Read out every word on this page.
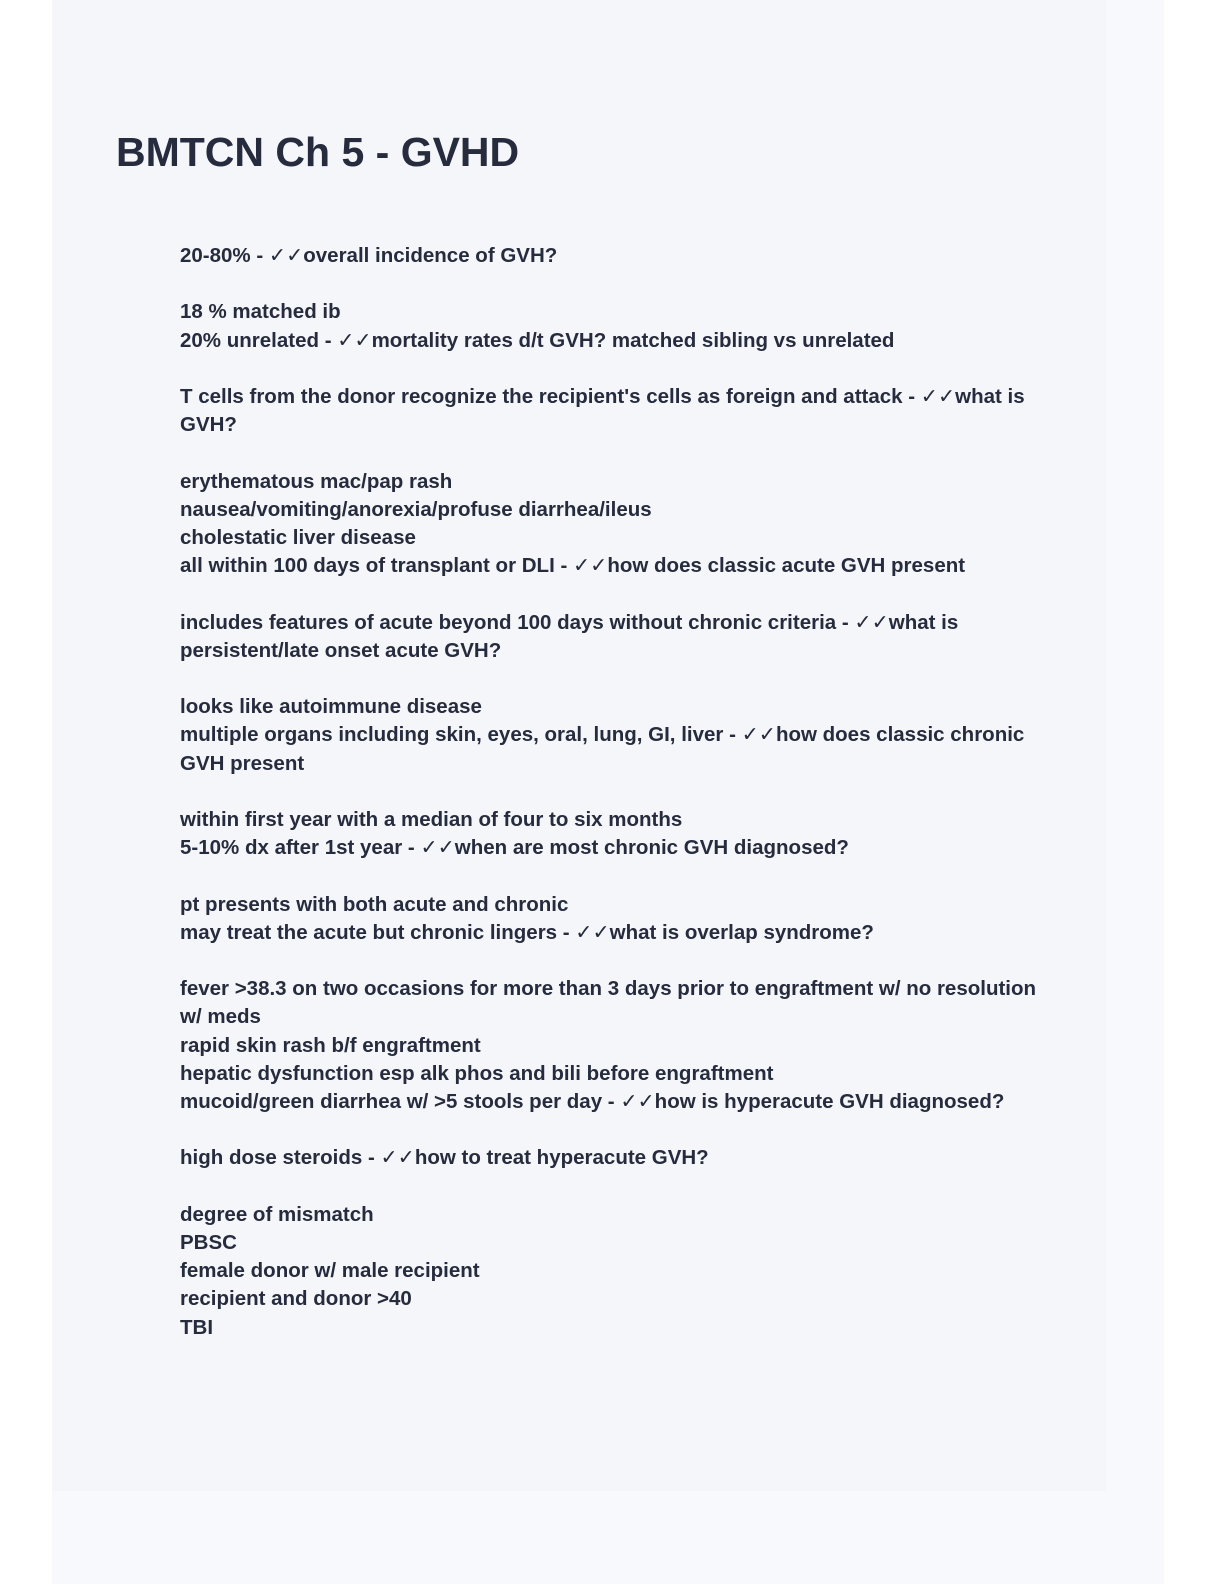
BMTCN Ch 5 - GVHD
20-80% - ✓✓overall incidence of GVH?
18 % matched ib
20% unrelated - ✓✓mortality rates d/t GVH? matched sibling vs unrelated
T cells from the donor recognize the recipient's cells as foreign and attack - ✓✓what is GVH?
erythematous mac/pap rash
nausea/vomiting/anorexia/profuse diarrhea/ileus
cholestatic liver disease
all within 100 days of transplant or DLI - ✓✓how does classic acute GVH present
includes features of acute beyond 100 days without chronic criteria - ✓✓what is persistent/late onset acute GVH?
looks like autoimmune disease
multiple organs including skin, eyes, oral, lung, GI, liver - ✓✓how does classic chronic GVH present
within first year with a median of four to six months
5-10% dx after 1st year - ✓✓when are most chronic GVH diagnosed?
pt presents with both acute and chronic
may treat the acute but chronic lingers - ✓✓what is overlap syndrome?
fever >38.3 on two occasions for more than 3 days prior to engraftment w/ no resolution w/ meds
rapid skin rash b/f engraftment
hepatic dysfunction esp alk phos and bili before engraftment
mucoid/green diarrhea w/ >5 stools per day - ✓✓how is hyperacute GVH diagnosed?
high dose steroids - ✓✓how to treat hyperacute GVH?
degree of mismatch
PBSC
female donor w/ male recipient
recipient and donor >40
TBI
